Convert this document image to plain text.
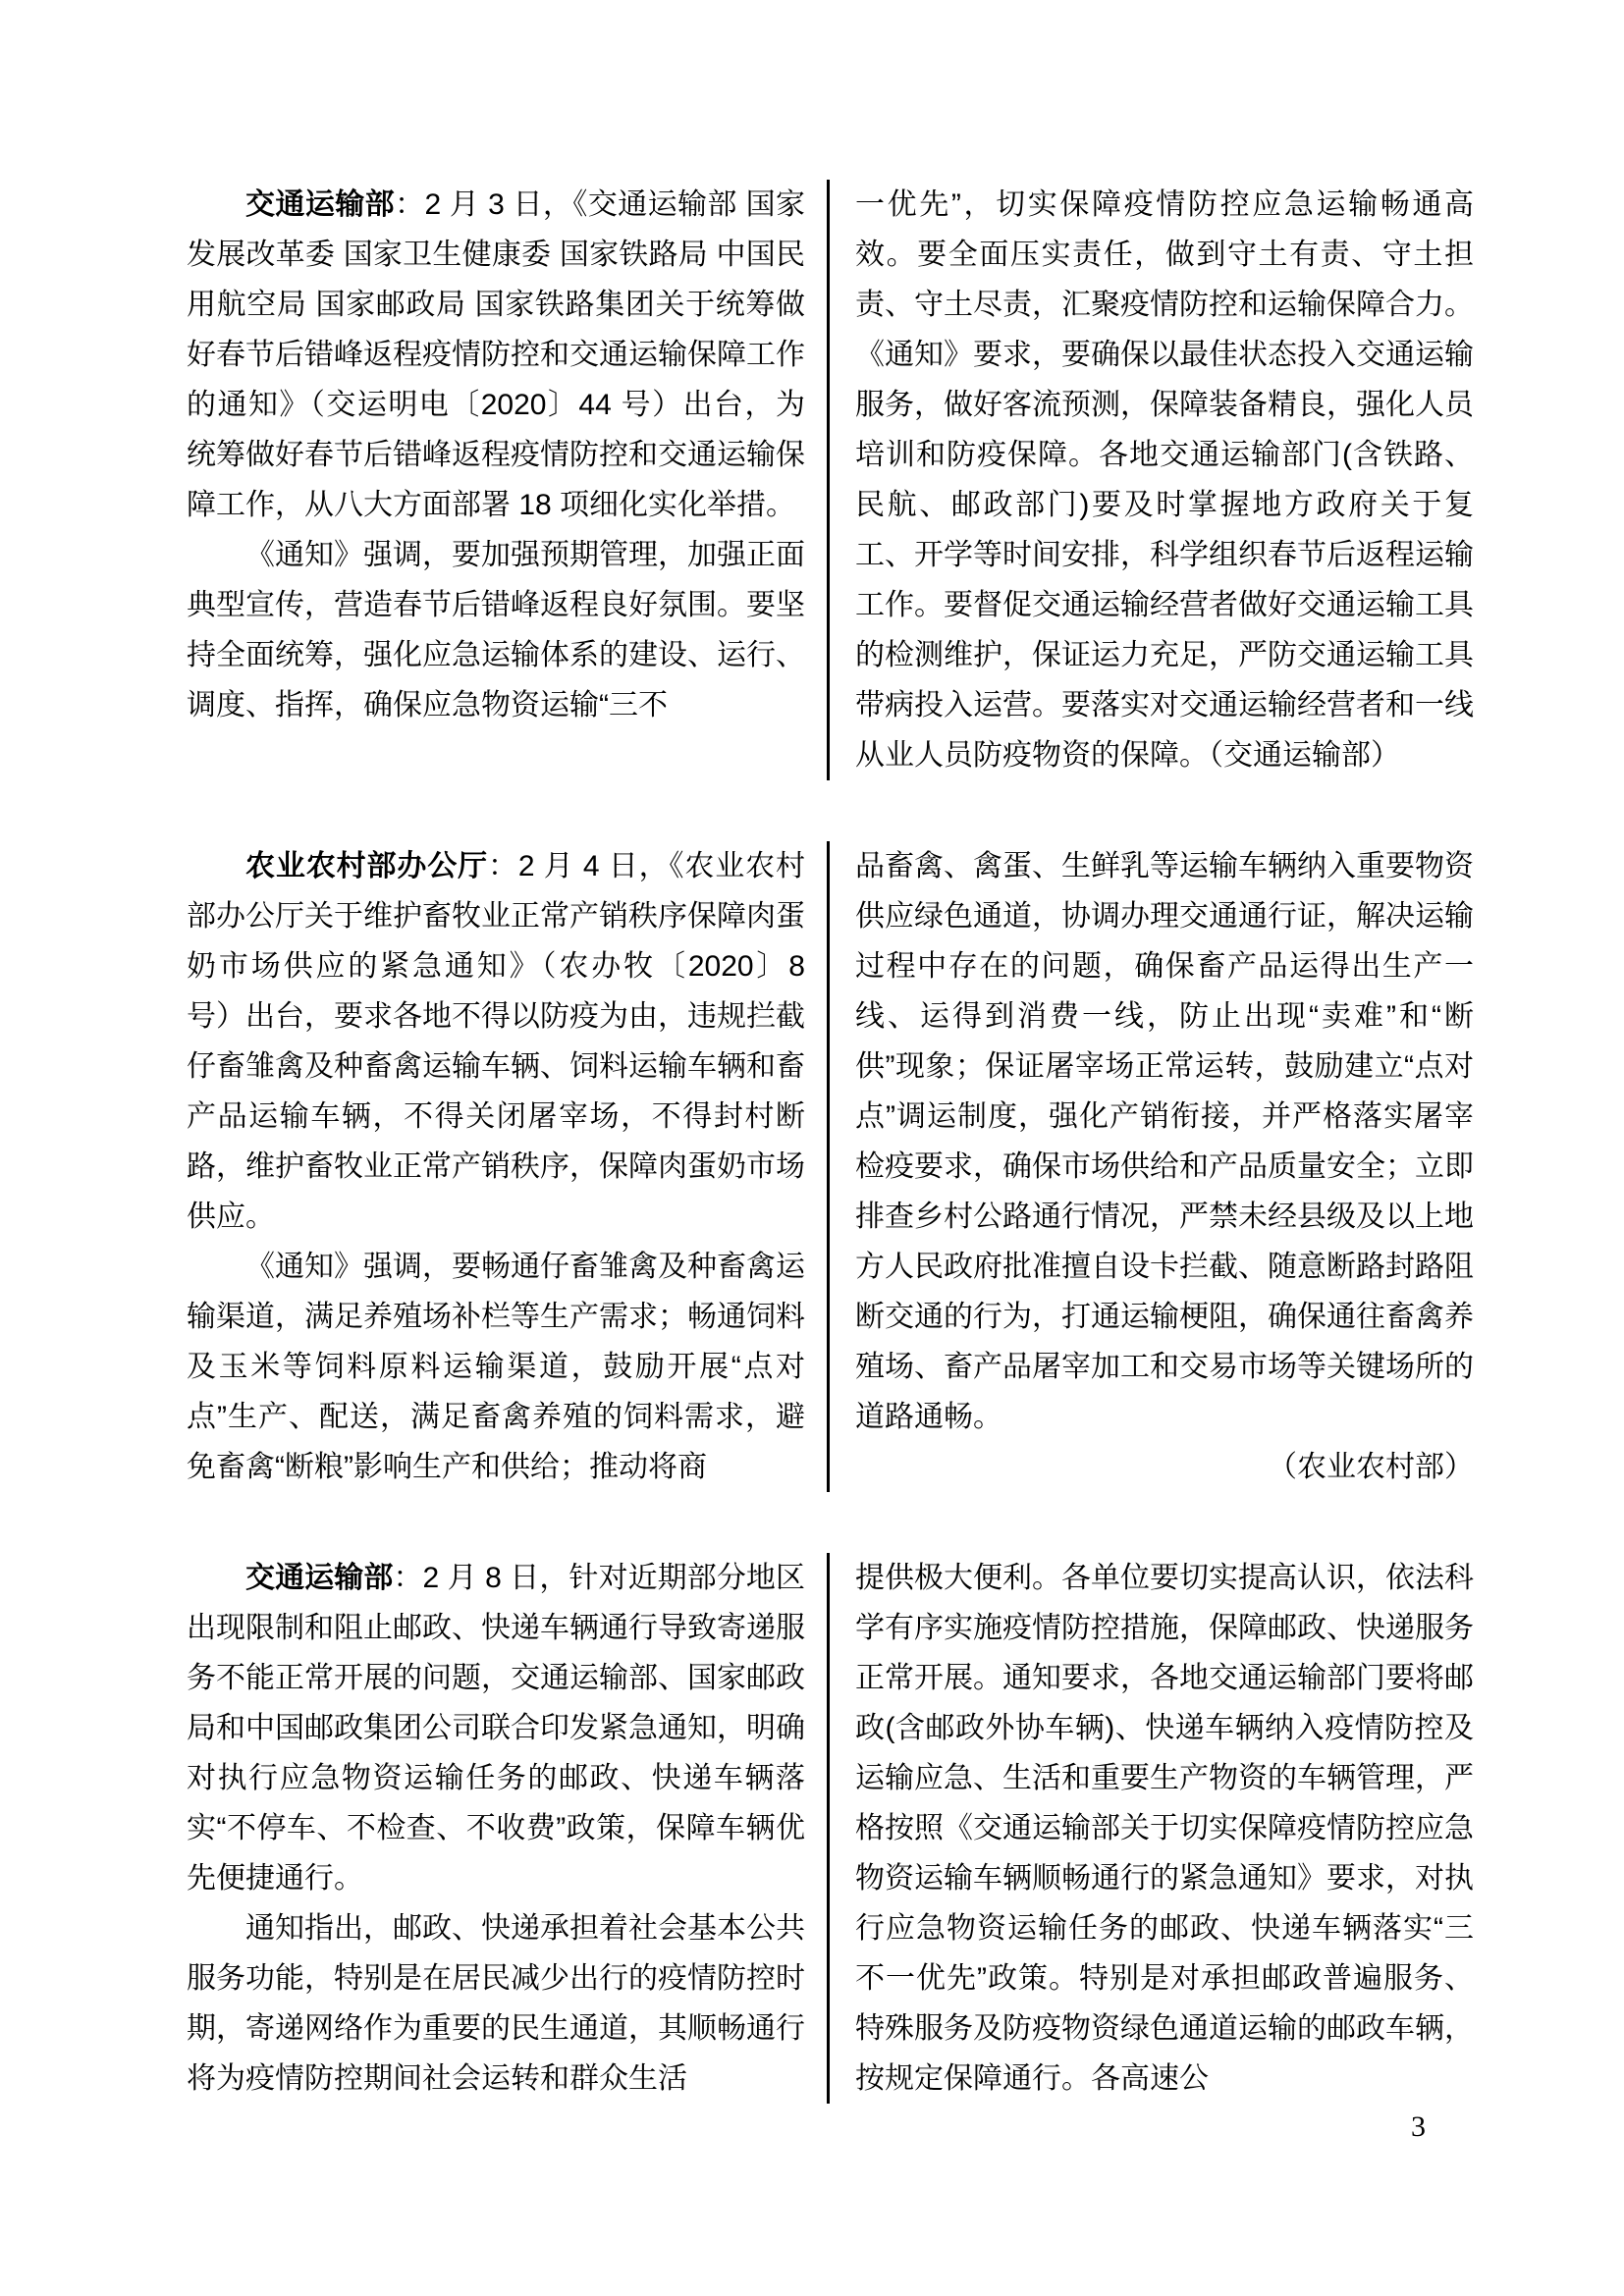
交通运输部：2 月 3 日，《交通运输部 国家发展改革委 国家卫生健康委 国家铁路局 中国民用航空局 国家邮政局 国家铁路集团关于统筹做好春节后错峰返程疫情防控和交通运输保障工作的通知》（交运明电〔2020〕44 号）出台，为统筹做好春节后错峰返程疫情防控和交通运输保障工作，从八大方面部署 18 项细化实化举措。

《通知》强调，要加强预期管理，加强正面典型宣传，营造春节后错峰返程良好氛围。要坚持全面统筹，强化应急运输体系的建设、运行、调度、指挥，确保应急物资运输“三不

一优先”，切实保障疫情防控应急运输畅通高效。要全面压实责任，做到守土有责、守土担责、守土尽责，汇聚疫情防控和运输保障合力。《通知》要求，要确保以最佳状态投入交通运输服务，做好客流预测，保障装备精良，强化人员培训和防疫保障。各地交通运输部门(含铁路、民航、邮政部门)要及时掌握地方政府关于复工、开学等时间安排，科学组织春节后返程运输工作。要督促交通运输经营者做好交通运输工具的检测维护，保证运力充足，严防交通运输工具带病投入运营。要落实对交通运输经营者和一线从业人员防疫物资的保障。（交通运输部）

农业农村部办公厅：2 月 4 日，《农业农村部办公厅关于维护畜牧业正常产销秩序保障肉蛋奶市场供应的紧急通知》（农办牧〔2020〕8 号）出台，要求各地不得以防疫为由，违规拦截仔畜雏禽及种畜禽运输车辆、饲料运输车辆和畜产品运输车辆，不得关闭屠宰场，不得封村断路，维护畜牧业正常产销秩序，保障肉蛋奶市场供应。

《通知》强调，要畅通仔畜雏禽及种畜禽运输渠道，满足养殖场补栏等生产需求；畅通饲料及玉米等饲料原料运输渠道，鼓励开展“点对点”生产、配送，满足畜禽养殖的饲料需求，避免畜禽“断粮”影响生产和供给；推动将商

品畜禽、禽蛋、生鲜乳等运输车辆纳入重要物资供应绿色通道，协调办理交通通行证，解决运输过程中存在的问题，确保畜产品运得出生产一线、运得到消费一线，防止出现“卖难”和“断供”现象；保证屠宰场正常运转，鼓励建立“点对点”调运制度，强化产销衔接，并严格落实屠宰检疫要求，确保市场供给和产品质量安全；立即排查乡村公路通行情况，严禁未经县级及以上地方人民政府批准擅自设卡拦截、随意断路封路阻断交通的行为，打通运输梗阻，确保通往畜禽养殖场、畜产品屠宰加工和交易市场等关键场所的道路通畅。

（农业农村部）

交通运输部：2 月 8 日，针对近期部分地区出现限制和阻止邮政、快递车辆通行导致寄递服务不能正常开展的问题，交通运输部、国家邮政局和中国邮政集团公司联合印发紧急通知，明确对执行应急物资运输任务的邮政、快递车辆落实“不停车、不检查、不收费”政策，保障车辆优先便捷通行。

通知指出，邮政、快递承担着社会基本公共服务功能，特别是在居民减少出行的疫情防控时期，寄递网络作为重要的民生通道，其顺畅通行将为疫情防控期间社会运转和群众生活

提供极大便利。各单位要切实提高认识，依法科学有序实施疫情防控措施，保障邮政、快递服务正常开展。通知要求，各地交通运输部门要将邮政(含邮政外协车辆)、快递车辆纳入疫情防控及运输应急、生活和重要生产物资的车辆管理，严格按照《交通运输部关于切实保障疫情防控应急物资运输车辆顺畅通行的紧急通知》要求，对执行应急物资运输任务的邮政、快递车辆落实“三不一优先”政策。特别是对承担邮政普遍服务、特殊服务及防疫物资绿色通道运输的邮政车辆，按规定保障通行。各高速公

3
